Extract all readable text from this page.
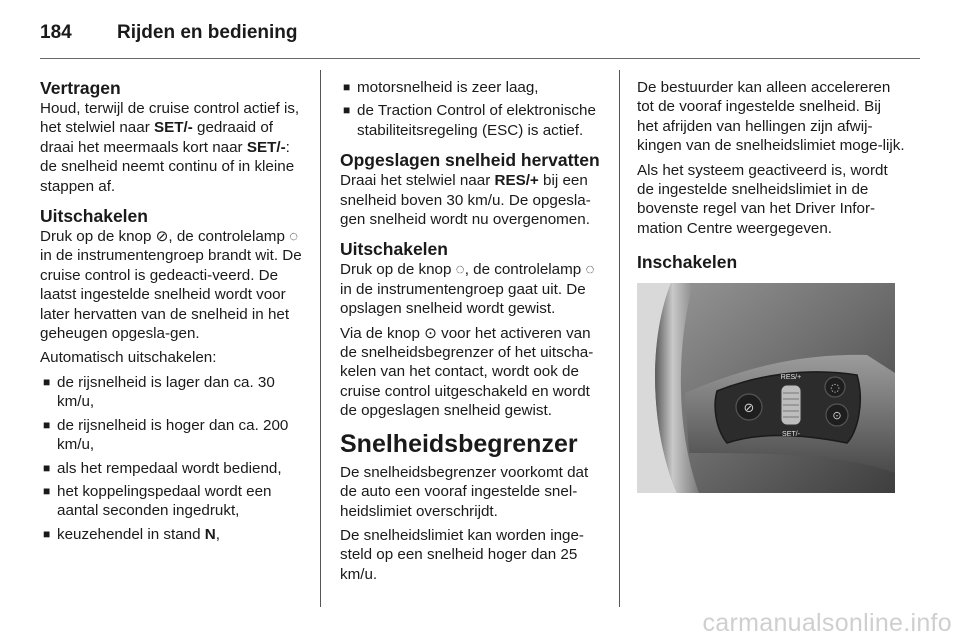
184 Rijden en bediening
Vertragen

Houd, terwijl de cruise control actief is, het stelwiel naar SET/- gedraaid of draai het meermaals kort naar SET/-: de snelheid neemt continu of in kleine stappen af.

Uitschakelen

Druk op de knop ⊘, de controlelamp ◌ in de instrumentengroep brandt wit. De cruise control is gedeacti-veerd. De laatst ingestelde snelheid wordt voor later hervatten van de snelheid in het geheugen opgesla-gen.

Automatisch uitschakelen:

■ de rijsnelheid is lager dan ca. 30 km/u,
■ de rijsnelheid is hoger dan ca. 200 km/u,
■ als het rempedaal wordt bediend,
■ het koppelingspedaal wordt een aantal seconden ingedrukt,
■ keuzehendel in stand N,
■ motorsnelheid is zeer laag,
■ de Traction Control of elektronische stabiliteitsregeling (ESC) is actief.
Opgeslagen snelheid hervatten

Draai het stelwiel naar RES/+ bij een snelheid boven 30 km/u. De opgesla-gen snelheid wordt nu overgenomen.

Uitschakelen

Druk op de knop ◌, de controlelamp ◌ in de instrumentengroep gaat uit. De opslagen snelheid wordt gewist.

Via de knop ⊙ voor het activeren van de snelheidsbegrenzer of het uitscha-kelen van het contact, wordt ook de cruise control uitgeschakeld en wordt de opgeslagen snelheid gewist.

Snelheidsbegrenzer

De snelheidsbegrenzer voorkomt dat de auto een vooraf ingestelde snel-heidslimiet overschrijdt.

De snelheidslimiet kan worden inge-steld op een snelheid hoger dan 25 km/u.

De bestuurder kan alleen accelereren tot de vooraf ingestelde snelheid. Bij het afrijden van hellingen zijn afwij-kingen van de snelheidslimiet moge-lijk.

Als het systeem geactiveerd is, wordt de ingestelde snelheidslimiet in de bovenste regel van het Driver Infor-mation Centre weergegeven.

Inschakelen
⊘
RES/+
SET/-
◌
⊙
carmanualsonline.info
